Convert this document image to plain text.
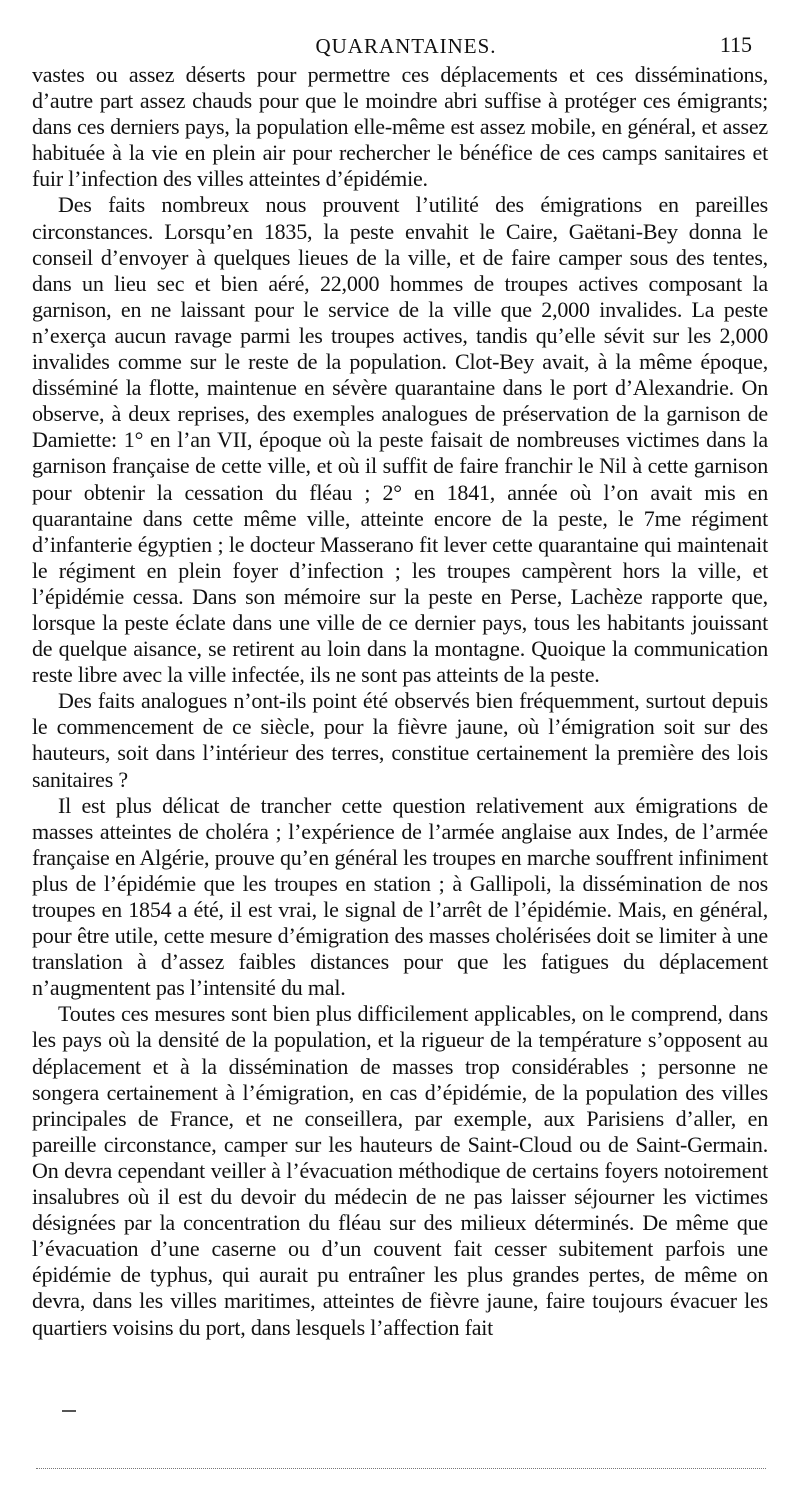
QUARANTAINES.	115

vastes ou assez déserts pour permettre ces déplacements et ces disséminations, d’autre part assez chauds pour que le moindre abri suffise à protéger ces émigrants; dans ces derniers pays, la population elle-même est assez mobile, en général, et assez habituée à la vie en plein air pour rechercher le bénéfice de ces camps sanitaires et fuir l’infection des villes atteintes d’épidémie.

Des faits nombreux nous prouvent l’utilité des émigrations en pareilles circonstances. Lorsqu’en 1835, la peste envahit le Caire, Gaëtani-Bey donna le conseil d’envoyer à quelques lieues de la ville, et de faire camper sous des tentes, dans un lieu sec et bien aéré, 22,000 hommes de troupes actives composant la garnison, en ne laissant pour le service de la ville que 2,000 invalides. La peste n’exerça aucun ravage parmi les troupes actives, tandis qu’elle sévit sur les 2,000 invalides comme sur le reste de la population. Clot-Bey avait, à la même époque, disséminé la flotte, maintenue en sévère quarantaine dans le port d’Alexandrie. On observe, à deux reprises, des exemples analogues de préservation de la garnison de Damiette: 1° en l’an VII, époque où la peste faisait de nombreuses victimes dans la garnison française de cette ville, et où il suffit de faire franchir le Nil à cette garnison pour obtenir la cessation du fléau ; 2° en 1841, année où l’on avait mis en quarantaine dans cette même ville, atteinte encore de la peste, le 7me régiment d’infanterie égyptien ; le docteur Masserano fit lever cette quarantaine qui maintenait le régiment en plein foyer d’infection ; les troupes campèrent hors la ville, et l’épidémie cessa. Dans son mémoire sur la peste en Perse, Lachèze rapporte que, lorsque la peste éclate dans une ville de ce dernier pays, tous les habitants jouissant de quelque aisance, se retirent au loin dans la montagne. Quoique la communication reste libre avec la ville infectée, ils ne sont pas atteints de la peste.

Des faits analogues n’ont-ils point été observés bien fréquemment, surtout depuis le commencement de ce siècle, pour la fièvre jaune, où l’émigration soit sur des hauteurs, soit dans l’intérieur des terres, constitue certainement la première des lois sanitaires ?

Il est plus délicat de trancher cette question relativement aux émigrations de masses atteintes de choléra ; l’expérience de l’armée anglaise aux Indes, de l’armée française en Algérie, prouve qu’en général les troupes en marche souffrent infiniment plus de l’épidémie que les troupes en station ; à Gallipoli, la dissémination de nos troupes en 1854 a été, il est vrai, le signal de l’arrêt de l’épidémie. Mais, en général, pour être utile, cette mesure d’émigration des masses cholérisées doit se limiter à une translation à d’assez faibles distances pour que les fatigues du déplacement n’augmentent pas l’intensité du mal.

Toutes ces mesures sont bien plus difficilement applicables, on le comprend, dans les pays où la densité de la population, et la rigueur de la température s’opposent au déplacement et à la dissémination de masses trop considérables ; personne ne songera certainement à l’émigration, en cas d’épidémie, de la population des villes principales de France, et ne conseillera, par exemple, aux Parisiens d’aller, en pareille circonstance, camper sur les hauteurs de Saint-Cloud ou de Saint-Germain. On devra cependant veiller à l’évacuation méthodique de certains foyers notoirement insalubres où il est du devoir du médecin de ne pas laisser séjourner les victimes désignées par la concentration du fléau sur des milieux déterminés. De même que l’évacuation d’une caserne ou d’un couvent fait cesser subitement parfois une épidémie de typhus, qui aurait pu entraîner les plus grandes pertes, de même on devra, dans les villes maritimes, atteintes de fièvre jaune, faire toujours évacuer les quartiers voisins du port, dans lesquels l’affection fait
